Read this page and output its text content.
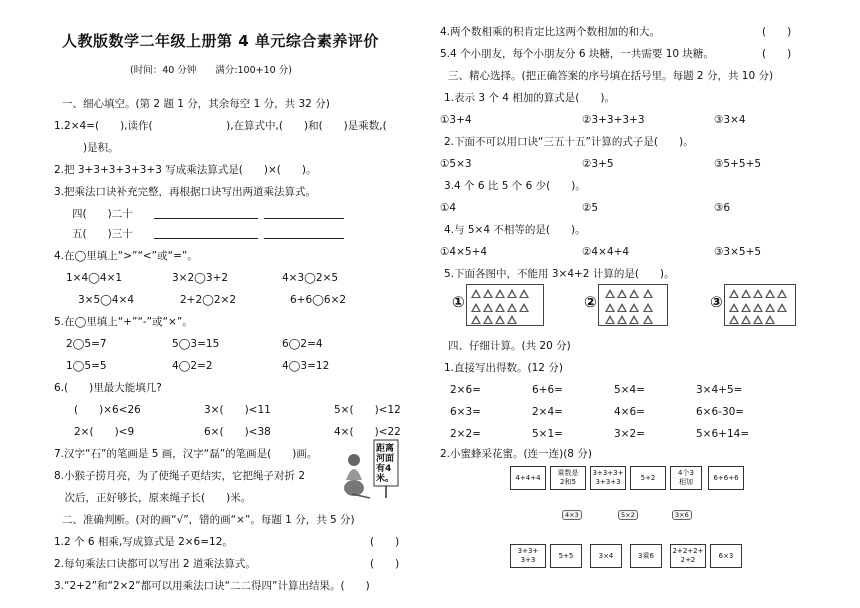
人教版数学二年级上册第 4 单元综合素养评价
(时间：40 分钟　　满分:100+10 分)
一、细心填空。(第 2 题 1 分，其余每空 1 分，共 32 分)
1.2×4=(　　),读作(　　　　　　　),在算式中,(　　)和(　　)是乘数,(
　　)是积。
2.把 3+3+3+3+3+3 写成乘法算式是(　　)×(　　)。
3.把乘法口诀补充完整，再根据口诀写出两道乘法算式。
四(　　)二十
五(　　)三十
4.在◯里填上“>”“<”或“=”。
1×4◯4×1	3×2◯3+2	4×3◯2×5
3×5◯4×4	2+2◯2×2	6+6◯6×2
5.在◯里填上“+”“-”或“×”。
2◯5=7	5◯3=15	6◯2=4
1◯5=5	4◯2=2	4◯3=12
6.(　　)里最大能填几?
(　　)×6<26	3×(　　)<11	5×(　　)<12
2×(　　)<9	6×(　　)<38	4×(　　)<22
7.汉字“石”的笔画是 5 画，汉字“磊”的笔画是(　　)画。
8.小猴子捞月亮，为了使绳子更结实，它把绳子对折 2
　次后，正好够长，原来绳子长(　　)米。
距离河面有4米。
二、准确判断。(对的画“√”，错的画“×”。每题 1 分，共 5 分)
1.2 个 6 相乘,写成算式是 2×6=12。	(　　)
2.每句乘法口诀都可以写出 2 道乘法算式。	(　　)
3.“2+2”和“2×2”都可以用乘法口诀“二二得四”计算出结果。(　　)
4.两个数相乘的积肯定比这两个数相加的和大。	(　　)
5.4 个小朋友，每个小朋友分 6 块糖，一共需要 10 块糖。	(　　)
三、精心选择。(把正确答案的序号填在括号里。每题 2 分，共 10 分)
1.表示 3 个 4 相加的算式是(　　)。
①3+4	②3+3+3+3	③3×4
2.下面不可以用口诀“三五十五”计算的式子是(　　)。
①5×3	②3+5	③5+5+5
3.4 个 6 比 5 个 6 少(　　)。
①4	②5	③6
4.与 5×4 不相等的是(　　)。
①4×5+4	②4×4+4	③3×5+5
5.下面各图中，不能用 3×4+2 计算的是(　　)。
①	②	③
四、仔细计算。(共 20 分)
1.直接写出得数。(12 分)
2×6=	6+6=	5×4=	3×4+5=
6×3=	2×4=	4×6=	6×6-30=
2×2=	5×1=	3×2=	5×6+14=
2.小蜜蜂采花蜜。(连一连)(8 分)
4+4+4
乘数是
2和5
3+3+3+
3+3+3
5+2
4个3
相加
6+6+6
4×3	5×2	3×6
3+3+
3+3
5+5	3×4	3乘6
2+2+2+
2+2
6×3
